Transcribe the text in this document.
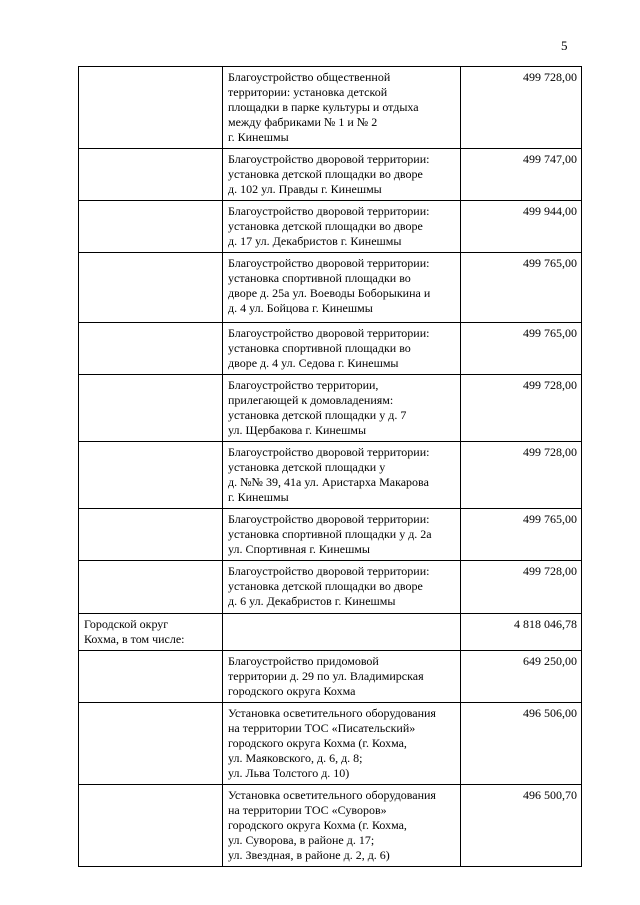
5
	Благоустройство общественной
территории: установка детской
площадки в парке культуры и отдыха
между фабриками № 1 и № 2
г. Кинешмы	499 728,00
	Благоустройство дворовой территории:
установка детской площадки во дворе
д. 102 ул. Правды г. Кинешмы	499 747,00
	Благоустройство дворовой территории:
установка детской площадки во дворе
д. 17 ул. Декабристов г. Кинешмы	499 944,00
	Благоустройство дворовой территории:
установка спортивной площадки во
дворе д. 25а ул. Воеводы Боборыкина и
д. 4 ул. Бойцова г. Кинешмы	499 765,00
	Благоустройство дворовой территории:
установка спортивной площадки во
дворе д. 4 ул. Седова г. Кинешмы	499 765,00
	Благоустройство территории,
прилегающей к домовладениям:
установка детской площадки у д. 7
ул. Щербакова г. Кинешмы	499 728,00
	Благоустройство дворовой территории:
установка детской площадки у
д. №№ 39, 41а ул. Аристарха Макарова
г. Кинешмы	499 728,00
	Благоустройство дворовой территории:
установка спортивной площадки у д. 2а
ул. Спортивная г. Кинешмы	499 765,00
	Благоустройство дворовой территории:
установка детской площадки во дворе
д. 6 ул. Декабристов г. Кинешмы	499 728,00
Городской округ
Кохма, в том числе:		4 818 046,78
	Благоустройство придомовой
территории д. 29 по ул. Владимирская
городского округа Кохма	649 250,00
	Установка осветительного оборудования
на территории ТОС «Писательский»
городского округа Кохма (г. Кохма,
ул. Маяковского, д. 6, д. 8;
ул. Льва Толстого д. 10)	496 506,00
	Установка осветительного оборудования
на территории ТОС «Суворов»
городского округа Кохма (г. Кохма,
ул. Суворова, в районе д. 17;
ул. Звездная, в районе д. 2, д. 6)	496 500,70
